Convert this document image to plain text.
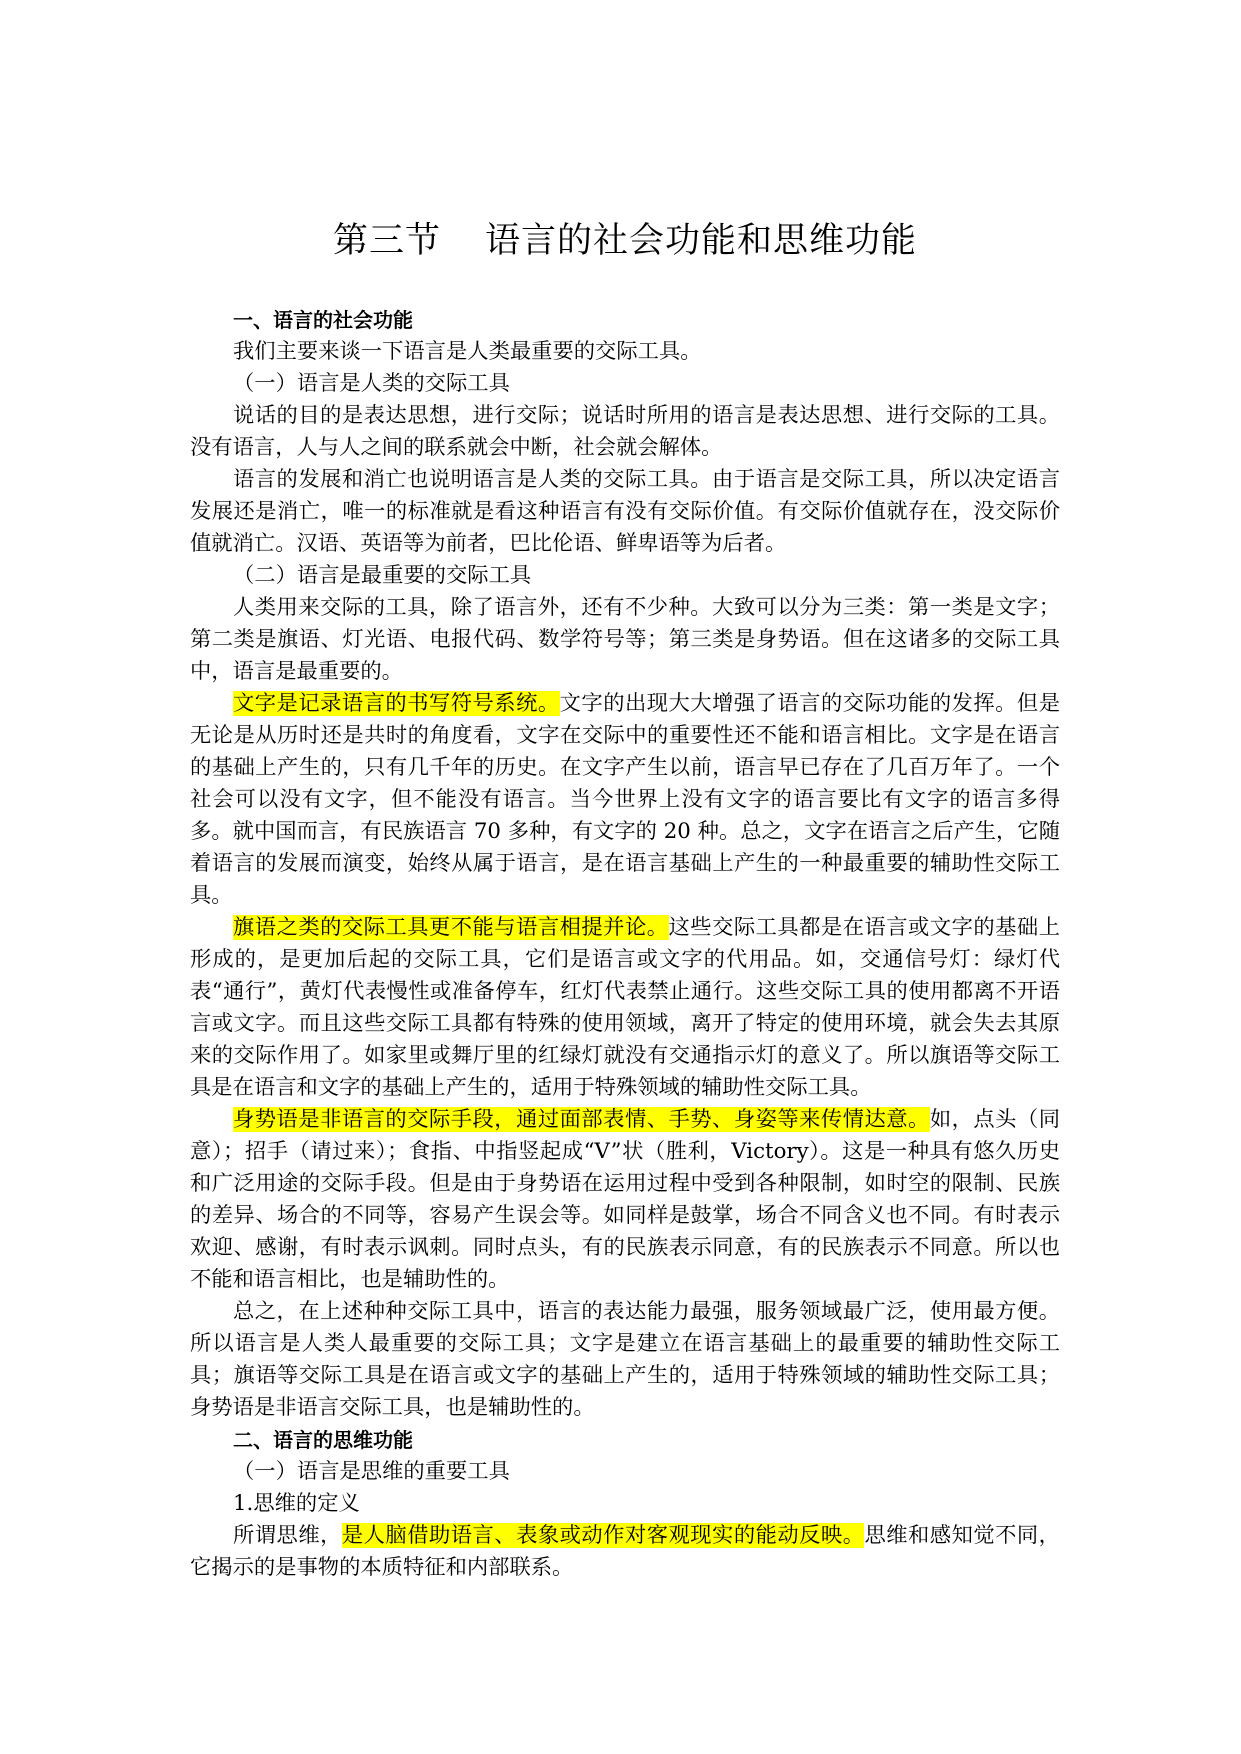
第三节 语言的社会功能和思维功能

一、语言的社会功能

我们主要来谈一下语言是人类最重要的交际工具。

（一）语言是人类的交际工具

说话的目的是表达思想，进行交际；说话时所用的语言是表达思想、进行交际的工具。没有语言，人与人之间的联系就会中断，社会就会解体。

语言的发展和消亡也说明语言是人类的交际工具。由于语言是交际工具，所以决定语言发展还是消亡，唯一的标准就是看这种语言有没有交际价值。有交际价值就存在，没交际价值就消亡。汉语、英语等为前者，巴比伦语、鲜卑语等为后者。

（二）语言是最重要的交际工具

人类用来交际的工具，除了语言外，还有不少种。大致可以分为三类：第一类是文字；第二类是旗语、灯光语、电报代码、数学符号等；第三类是身势语。但在这诸多的交际工具中，语言是最重要的。

文字是记录语言的书写符号系统。文字的出现大大增强了语言的交际功能的发挥。但是无论是从历时还是共时的角度看，文字在交际中的重要性还不能和语言相比。文字是在语言的基础上产生的，只有几千年的历史。在文字产生以前，语言早已存在了几百万年了。一个社会可以没有文字，但不能没有语言。当今世界上没有文字的语言要比有文字的语言多得多。就中国而言，有民族语言 70 多种，有文字的 20 种。总之，文字在语言之后产生，它随着语言的发展而演变，始终从属于语言，是在语言基础上产生的一种最重要的辅助性交际工具。

旗语之类的交际工具更不能与语言相提并论。这些交际工具都是在语言或文字的基础上形成的，是更加后起的交际工具，它们是语言或文字的代用品。如，交通信号灯：绿灯代表“通行”，黄灯代表慢性或准备停车，红灯代表禁止通行。这些交际工具的使用都离不开语言或文字。而且这些交际工具都有特殊的使用领域，离开了特定的使用环境，就会失去其原来的交际作用了。如家里或舞厅里的红绿灯就没有交通指示灯的意义了。所以旗语等交际工具是在语言和文字的基础上产生的，适用于特殊领域的辅助性交际工具。

身势语是非语言的交际手段，通过面部表情、手势、身姿等来传情达意。如，点头（同意）；招手（请过来）；食指、中指竖起成“V”状（胜利，Victory）。这是一种具有悠久历史和广泛用途的交际手段。但是由于身势语在运用过程中受到各种限制，如时空的限制、民族的差异、场合的不同等，容易产生误会等。如同样是鼓掌，场合不同含义也不同。有时表示欢迎、感谢，有时表示讽刺。同时点头，有的民族表示同意，有的民族表示不同意。所以也不能和语言相比，也是辅助性的。

总之，在上述种种交际工具中，语言的表达能力最强，服务领域最广泛，使用最方便。所以语言是人类人最重要的交际工具；文字是建立在语言基础上的最重要的辅助性交际工具；旗语等交际工具是在语言或文字的基础上产生的，适用于特殊领域的辅助性交际工具；身势语是非语言交际工具，也是辅助性的。

二、语言的思维功能

（一）语言是思维的重要工具

1.思维的定义

所谓思维，是人脑借助语言、表象或动作对客观现实的能动反映。思维和感知觉不同，它揭示的是事物的本质特征和内部联系。
